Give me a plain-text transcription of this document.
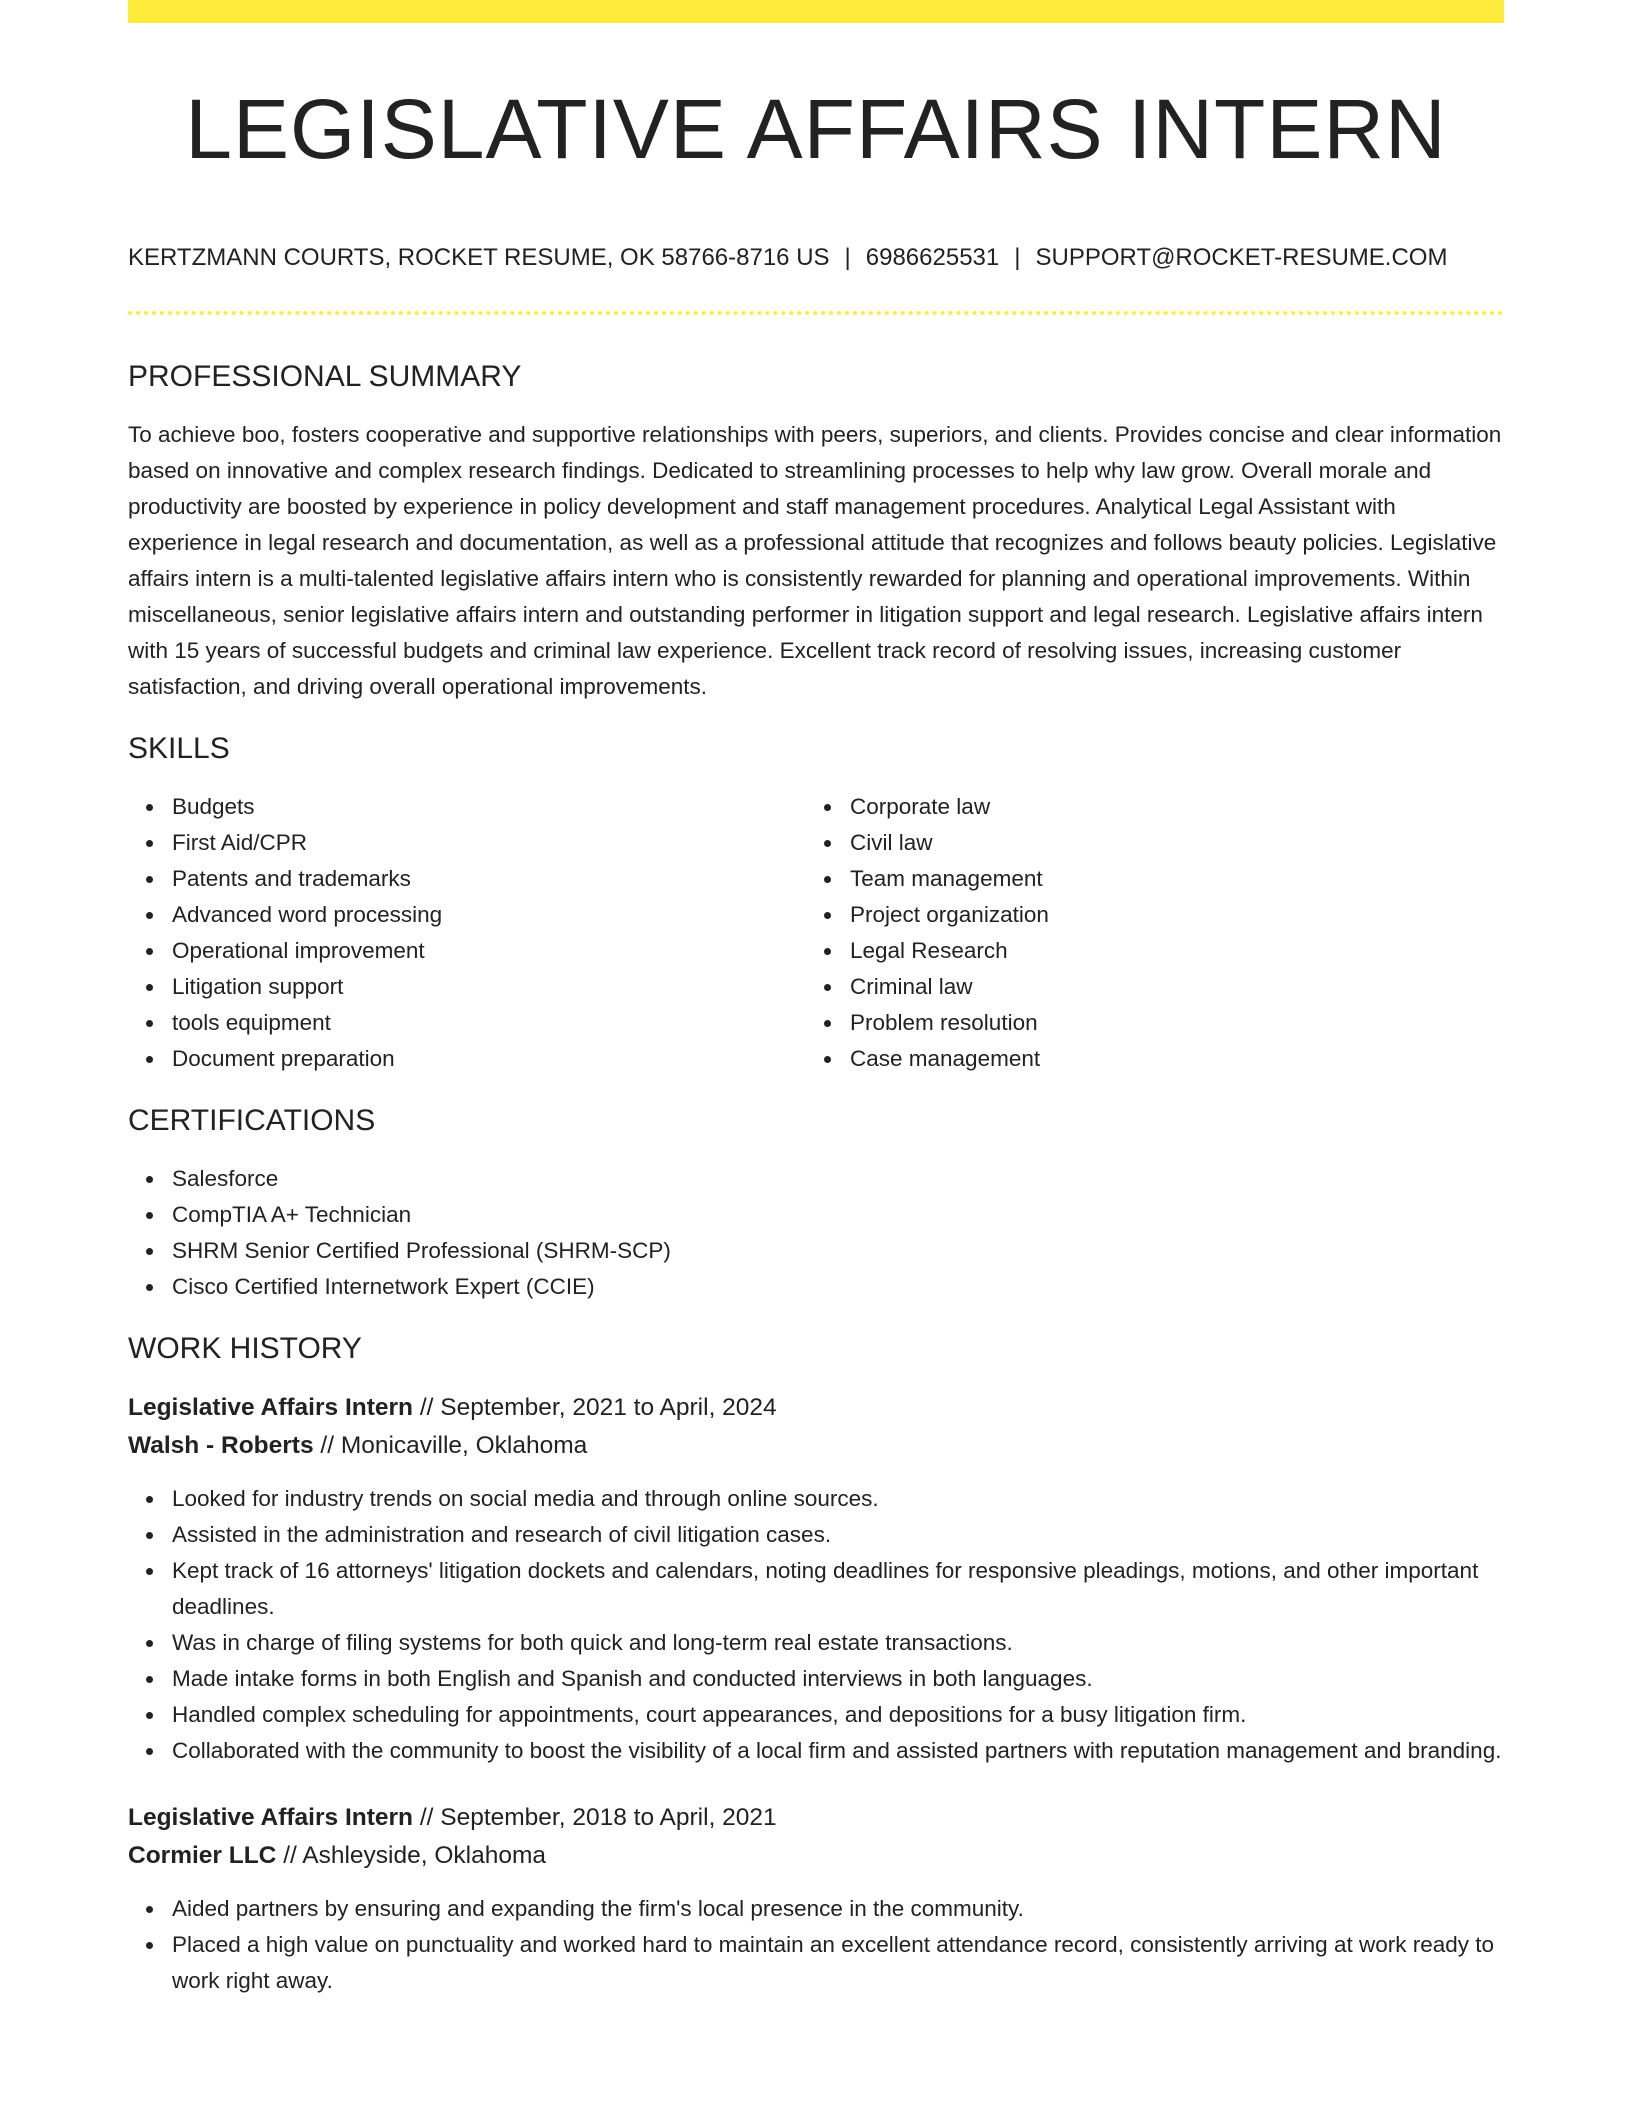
LEGISLATIVE AFFAIRS INTERN
KERTZMANN COURTS, ROCKET RESUME, OK 58766-8716 US | 6986625531 | SUPPORT@ROCKET-RESUME.COM
PROFESSIONAL SUMMARY
To achieve boo, fosters cooperative and supportive relationships with peers, superiors, and clients. Provides concise and clear information based on innovative and complex research findings. Dedicated to streamlining processes to help why law grow. Overall morale and productivity are boosted by experience in policy development and staff management procedures. Analytical Legal Assistant with experience in legal research and documentation, as well as a professional attitude that recognizes and follows beauty policies. Legislative affairs intern is a multi-talented legislative affairs intern who is consistently rewarded for planning and operational improvements. Within miscellaneous, senior legislative affairs intern and outstanding performer in litigation support and legal research. Legislative affairs intern with 15 years of successful budgets and criminal law experience. Excellent track record of resolving issues, increasing customer satisfaction, and driving overall operational improvements.
SKILLS
Budgets
First Aid/CPR
Patents and trademarks
Advanced word processing
Operational improvement
Litigation support
tools equipment
Document preparation
Corporate law
Civil law
Team management
Project organization
Legal Research
Criminal law
Problem resolution
Case management
CERTIFICATIONS
Salesforce
CompTIA A+ Technician
SHRM Senior Certified Professional (SHRM-SCP)
Cisco Certified Internetwork Expert (CCIE)
WORK HISTORY
Legislative Affairs Intern // September, 2021 to April, 2024
Walsh - Roberts // Monicaville, Oklahoma
Looked for industry trends on social media and through online sources.
Assisted in the administration and research of civil litigation cases.
Kept track of 16 attorneys' litigation dockets and calendars, noting deadlines for responsive pleadings, motions, and other important deadlines.
Was in charge of filing systems for both quick and long-term real estate transactions.
Made intake forms in both English and Spanish and conducted interviews in both languages.
Handled complex scheduling for appointments, court appearances, and depositions for a busy litigation firm.
Collaborated with the community to boost the visibility of a local firm and assisted partners with reputation management and branding.
Legislative Affairs Intern // September, 2018 to April, 2021
Cormier LLC // Ashleyside, Oklahoma
Aided partners by ensuring and expanding the firm's local presence in the community.
Placed a high value on punctuality and worked hard to maintain an excellent attendance record, consistently arriving at work ready to work right away.
